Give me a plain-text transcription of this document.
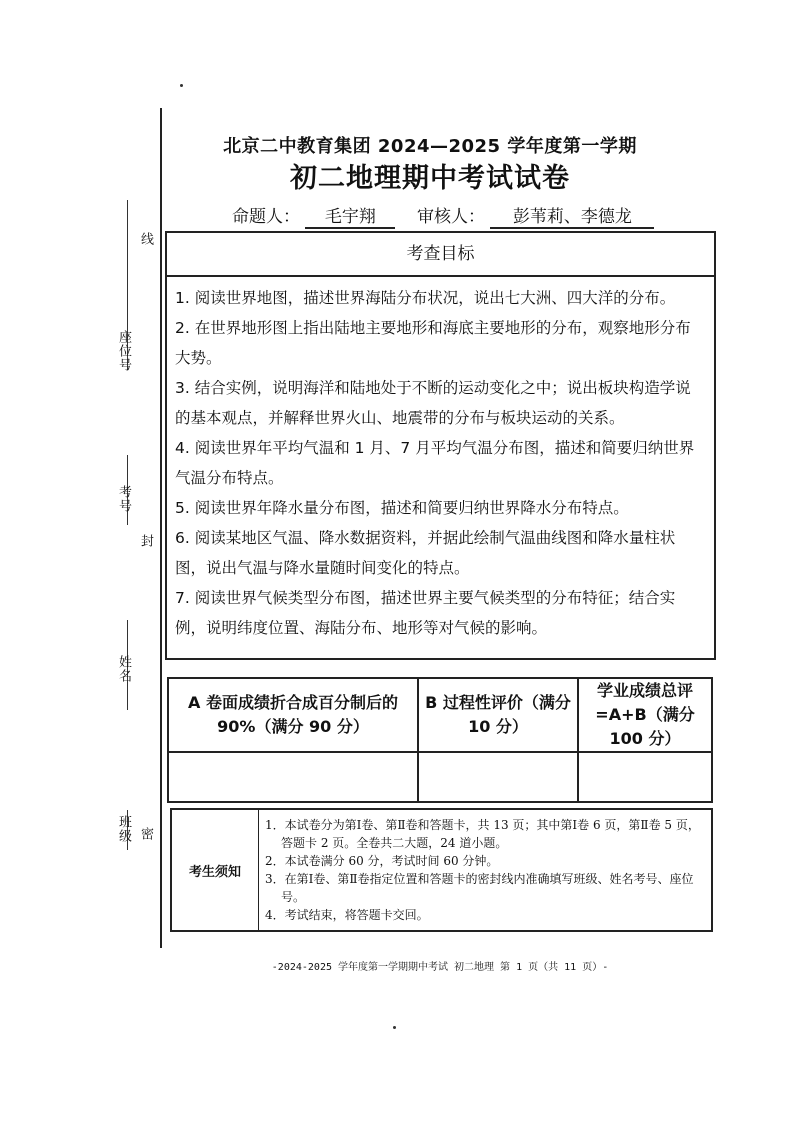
线
座位号
考号
封
姓名
班级 密
北京二中教育集团 2024—2025 学年度第一学期
初二地理期中考试试卷
命题人： 毛宇翔 审核人： 彭苇莉、李德龙
考查目标

1. 阅读世界地图，描述世界海陆分布状况，说出七大洲、四大洋的分布。

2. 在世界地形图上指出陆地主要地形和海底主要地形的分布，观察地形分布大势。

3. 结合实例，说明海洋和陆地处于不断的运动变化之中；说出板块构造学说的基本观点，并解释世界火山、地震带的分布与板块运动的关系。

4. 阅读世界年平均气温和 1 月、7 月平均气温分布图，描述和简要归纳世界气温分布特点。

5. 阅读世界年降水量分布图，描述和简要归纳世界降水分布特点。

6. 阅读某地区气温、降水数据资料，并据此绘制气温曲线图和降水量柱状图，说出气温与降水量随时间变化的特点。

7. 阅读世界气候类型分布图，描述世界主要气候类型的分布特征；结合实例，说明纬度位置、海陆分布、地形等对气候的影响。

A 卷面成绩折合成百分制后的 90%（满分 90 分）	B 过程性评价（满分 10 分）	学业成绩总评=A+B（满分 100 分）

考生须知	
1．本试卷分为第Ⅰ卷、第Ⅱ卷和答题卡，共 13 页；其中第Ⅰ卷 6 页，第Ⅱ卷 5 页，答题卡 2 页。全卷共二大题，24 道小题。
2．本试卷满分 60 分，考试时间 60 分钟。
3．在第Ⅰ卷、第Ⅱ卷指定位置和答题卡的密封线内准确填写班级、姓名考号、座位号。
4．考试结束，将答题卡交回。
-2024-2025 学年度第一学期期中考试 初二地理 第 1 页（共 11 页）-
